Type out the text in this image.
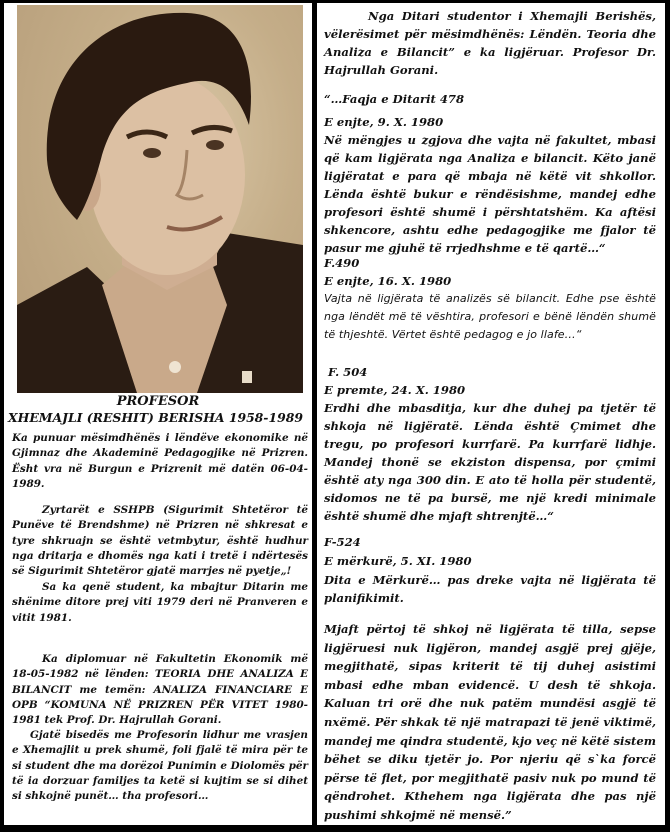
PROFESOR
XHEMAJLI (RESHIT) BERISHA 1958-1989
Ka punuar mësimdhënës i lëndëve ekonomike në Gjimnaz dhe Akademinë Pedagogjike në Prizren. Ësht vra në Burgun e Prizrenit më datën 06-04-1989.
Zyrtarët e SSHPB (Sigurimit Shtetëror të Punëve të Brendshme) në Prizren në shkresat e tyre shkruajn se është vetmbytur, është hudhur nga dritarja e dhomës nga kati i tretë i ndërtesës së Sigurimit Shtetëror gjatë marrjes në pyetje„!
Sa ka qenë student, ka mbajtur Ditarin me shënime ditore prej viti 1979 deri në Pranveren e vitit 1981.
Ka diplomuar në Fakultetin Ekonomik më 18-05-1982 në lënden: TEORIA DHE ANALIZA E BILANCIT me temën: ANALIZA FINANCIARE E OPB “KOMUNA NË PRIZREN PËR VITET 1980-1981 tek Prof. Dr. Hajrullah Gorani.
Gjatë bisedës me Profesorin lidhur me vrasjen e Xhemajlit u prek shumë, foli fjalë të mira për te si student dhe ma dorëzoi Punimin e Diolomës për të ia dorzuar familjes ta ketë si kujtim se si dihet si shkojnë punët… tha profesori…
Nga Ditari studentor i Xhemajli Berishës, vëlerësimet për mësimdhënës: Lëndën. Teoria dhe Analiza e Bilancit” e ka ligjëruar. Profesor Dr. Hajrullah Gorani.
“…Faqja e Ditarit 478
E enjte, 9. X. 1980
Në mëngjes u zgjova dhe vajta në fakultet, mbasi që kam ligjërata nga Analiza e bilancit. Këto janë ligjëratat e para që mbaja në këtë vit shkollor. Lënda është bukur e rëndësishme, mandej edhe profesori është shumë i përshtatshëm. Ka aftësi shkencore, ashtu edhe pedagogjike me fjalor të pasur me gjuhë të rrjedhshme e të qartë…“
F.490
E enjte, 16. X. 1980
Vajta në ligjërata të analizës së bilancit. Edhe pse është nga lëndët më të vështira, profesori e bënë lëndën shumë të thjeshtë. Vërtet është pedagog e jo llafe…“
F. 504
E premte, 24. X. 1980
Erdhi dhe mbasditja, kur dhe duhej pa tjetër të shkoja në ligjëratë. Lënda është Çmimet dhe tregu, po profesori kurrfarë. Pa kurrfarë lidhje. Mandej thonë se ekziston dispensa, por çmimi është aty nga 300 din. E ato të holla për studentë, sidomos ne të pa bursë, me një kredi minimale është shumë dhe mjaft shtrenjtë…“
F-524
E mërkurë, 5. XI. 1980
Dita e Mërkurë… pas dreke vajta në ligjërata të planifikimit.
Mjaft përtoj të shkoj në ligjërata të tilla, sepse ligjëruesi nuk ligjëron, mandej asgjë prej gjëje, megjithatë, sipas kriterit të tij duhej asistimi mbasi edhe mban evidencë. U desh të shkoja. Kaluan tri orë dhe nuk patëm mundësi asgjë të nxëmë. Për shkak të një matrapazi të jenë viktimë, mandej me qindra studentë, kjo veç në këtë sistem bëhet se diku tjetër jo. Por njeriu që s`ka forcë përse të flet, por megjithatë pasiv nuk po mund të qëndrohet. Kthehem nga ligjërata dhe pas një pushimi shkojmë në mensë.”
